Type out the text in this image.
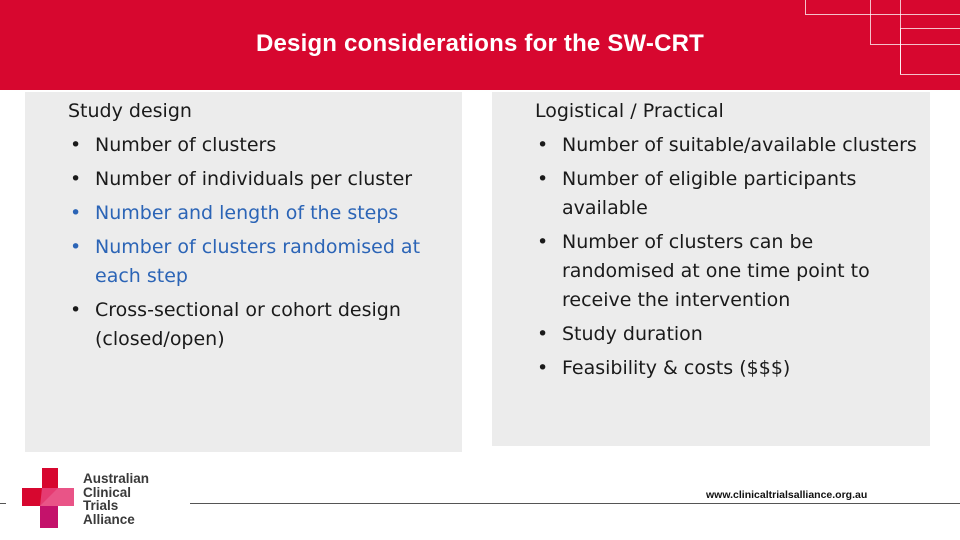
Design considerations for the SW-CRT
Study design
• Number of clusters
• Number of individuals per cluster
• Number and length of the steps
• Number of clusters randomised at each step
• Cross-sectional or cohort design (closed/open)
Logistical / Practical
• Number of suitable/available clusters
• Number of eligible participants available
• Number of clusters can be randomised at one time point to receive the intervention
• Study duration
• Feasibility & costs ($$$)
Australian
Clinical
Trials
Alliance
www.clinicaltrialsalliance.org.au
